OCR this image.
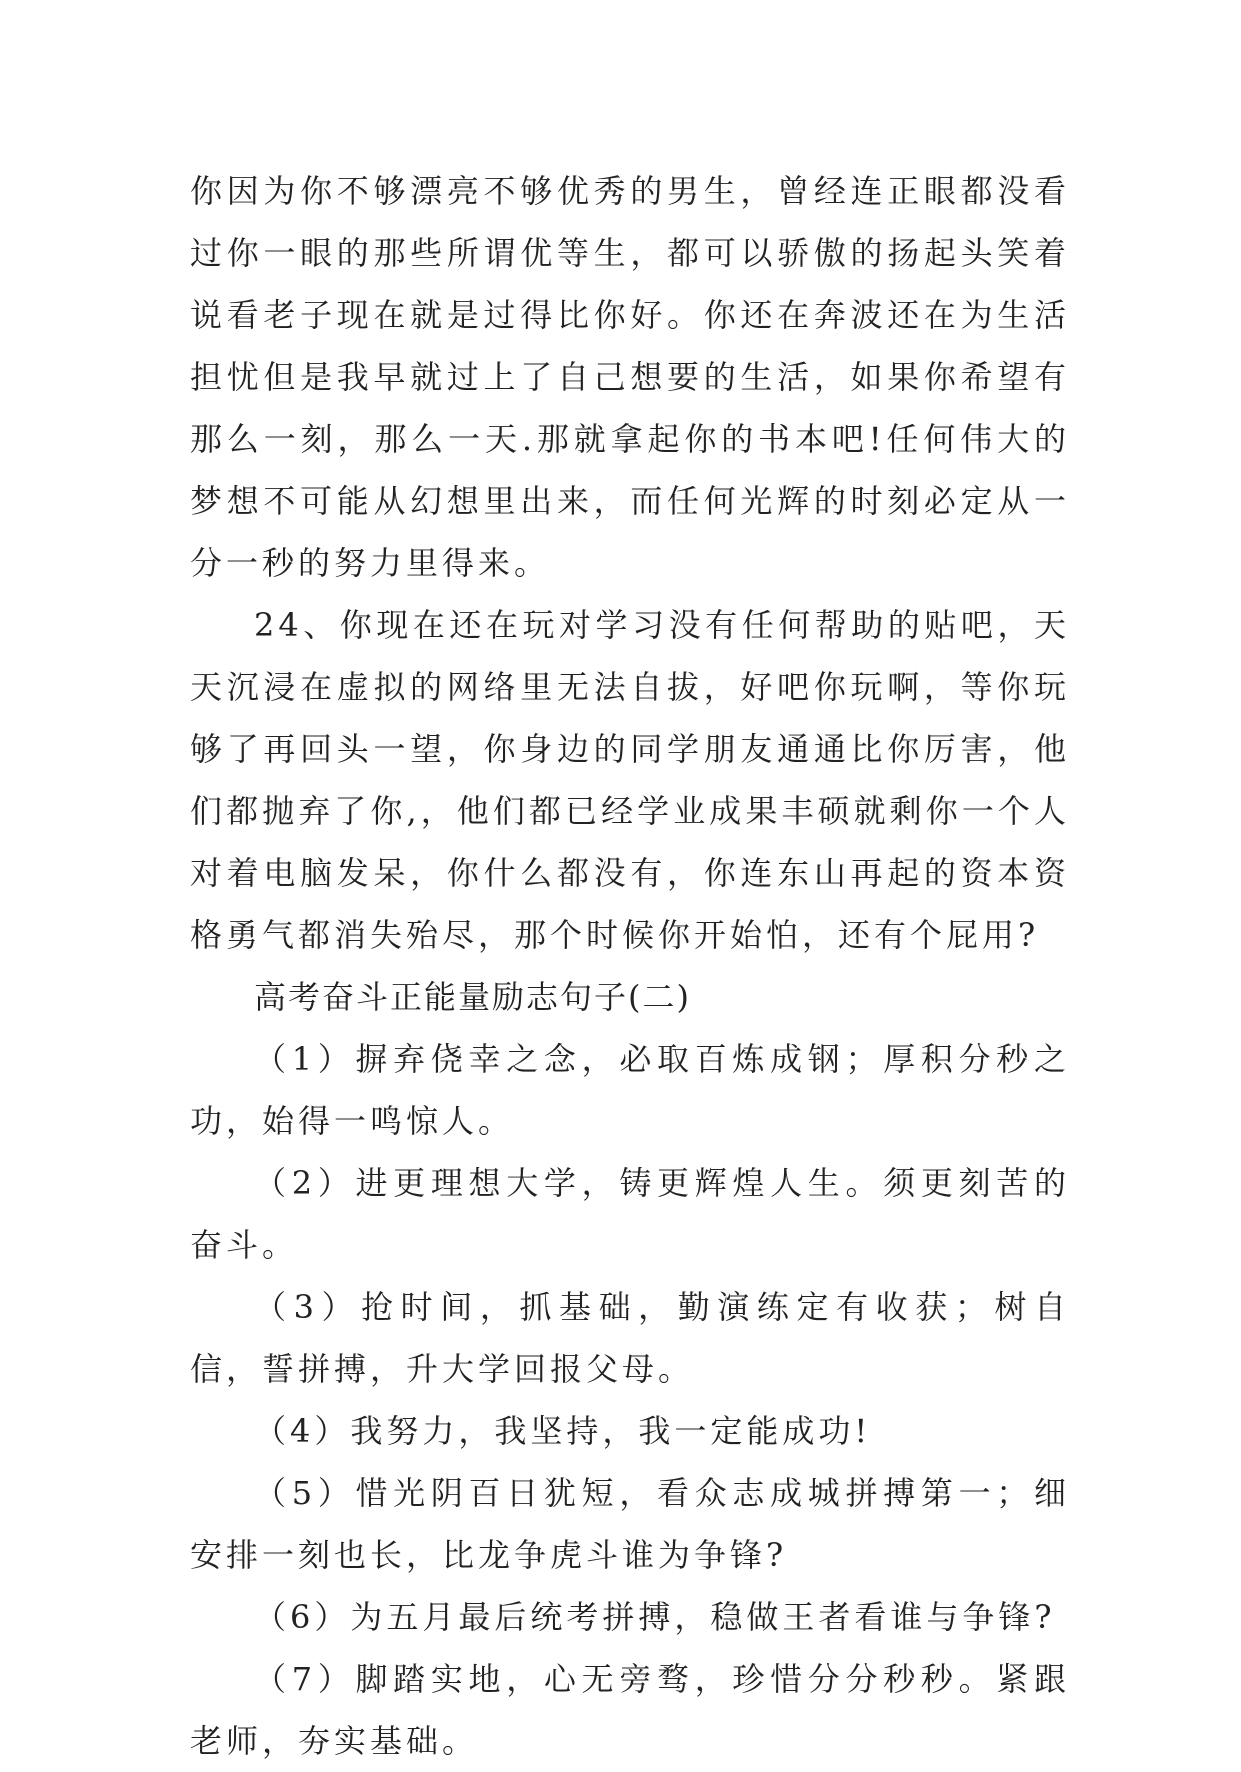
你因为你不够漂亮不够优秀的男生，曾经连正眼都没看过你一眼的那些所谓优等生，都可以骄傲的扬起头笑着说看老子现在就是过得比你好。你还在奔波还在为生活担忧但是我早就过上了自己想要的生活，如果你希望有那么一刻，那么一天.那就拿起你的书本吧!任何伟大的梦想不可能从幻想里出来，而任何光辉的时刻必定从一分一秒的努力里得来。

24、你现在还在玩对学习没有任何帮助的贴吧，天天沉浸在虚拟的网络里无法自拔，好吧你玩啊，等你玩够了再回头一望，你身边的同学朋友通通比你厉害，他们都抛弃了你,，他们都已经学业成果丰硕就剩你一个人对着电脑发呆，你什么都没有，你连东山再起的资本资格勇气都消失殆尽，那个时候你开始怕，还有个屁用?

高考奋斗正能量励志句子(二)

（1）摒弃侥幸之念，必取百炼成钢；厚积分秒之功，始得一鸣惊人。

（2）进更理想大学，铸更辉煌人生。须更刻苦的奋斗。

（3）抢时间，抓基础，勤演练定有收获；树自信，誓拼搏，升大学回报父母。

（4）我努力，我坚持，我一定能成功!

（5）惜光阴百日犹短，看众志成城拼搏第一；细安排一刻也长，比龙争虎斗谁为争锋?

（6）为五月最后统考拼搏，稳做王者看谁与争锋?

（7）脚踏实地，心无旁骛，珍惜分分秒秒。紧跟老师，夯实基础。
